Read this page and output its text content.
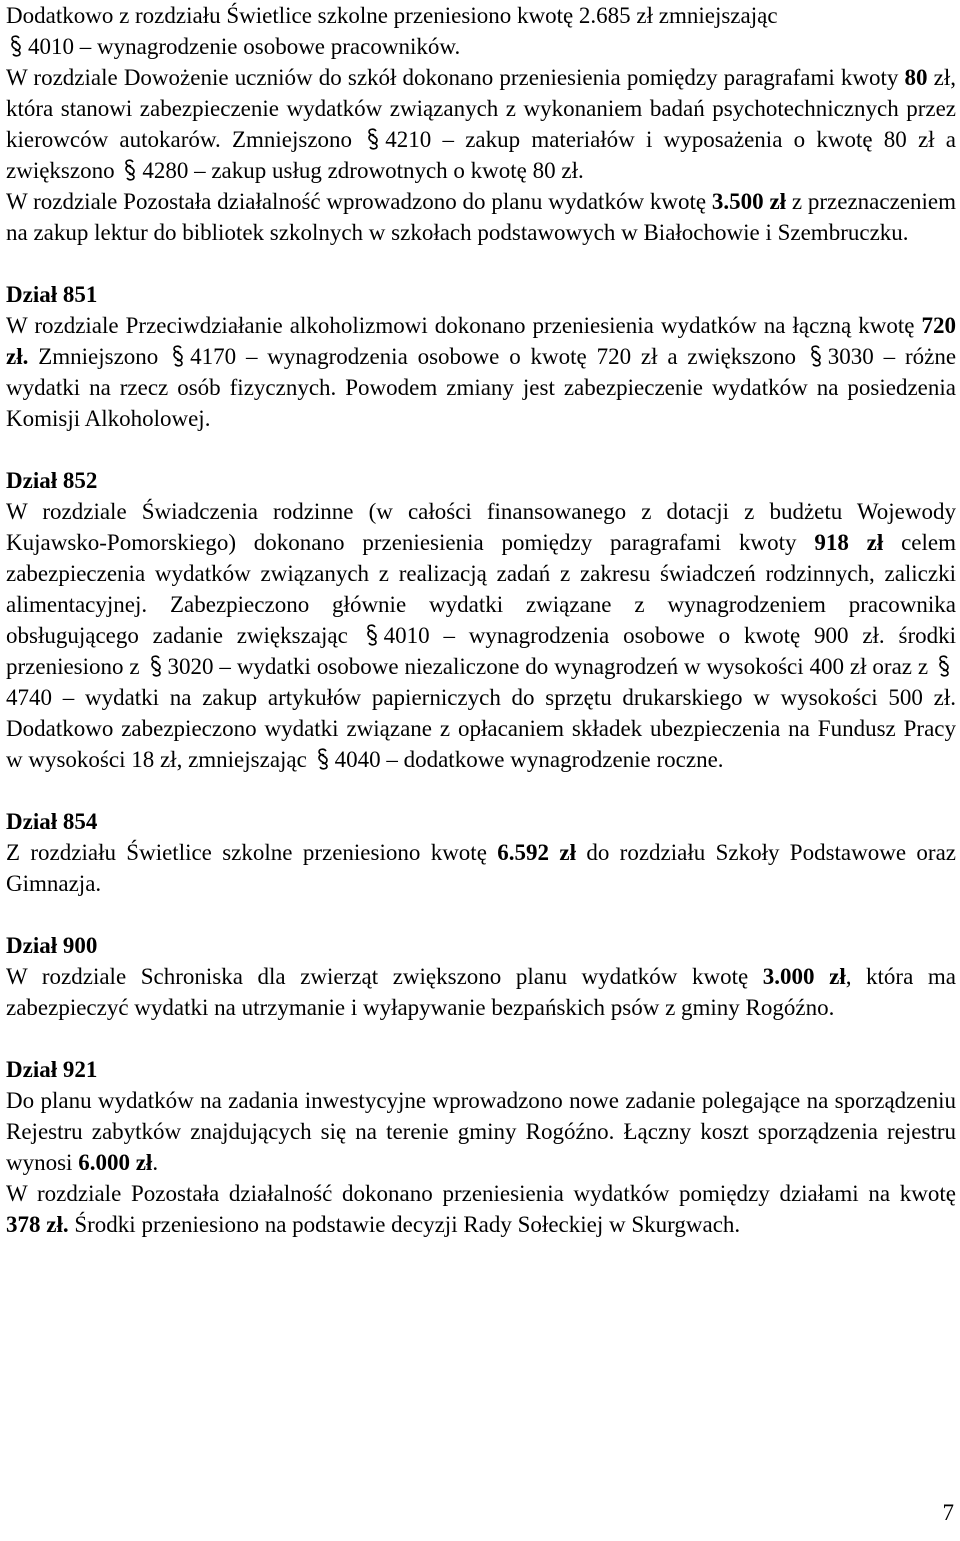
Dodatkowo z rozdziału Świetlice szkolne przeniesiono kwotę 2.685 zł zmniejszając
4010 – wynagrodzenie osobowe pracowników.

W rozdziale Dowożenie uczniów do szkół dokonano przeniesienia pomiędzy paragrafami kwoty 80 zł, która stanowi zabezpieczenie wydatków związanych z wykonaniem badań psychotechnicznych przez kierowców autokarów. Zmniejszono 4210 – zakup materiałów i wyposażenia o kwotę 80 zł a zwiększono 4280 – zakup usług zdrowotnych o kwotę 80 zł.

W rozdziale Pozostała działalność wprowadzono do planu wydatków kwotę 3.500 zł z przeznaczeniem na zakup lektur do bibliotek szkolnych w szkołach podstawowych w Białochowie i Szembruczku.

Dział 851

W rozdziale Przeciwdziałanie alkoholizmowi dokonano przeniesienia wydatków na łączną kwotę 720 zł. Zmniejszono 4170 – wynagrodzenia osobowe o kwotę 720 zł a zwiększono 3030 – różne wydatki na rzecz osób fizycznych. Powodem zmiany jest zabezpieczenie wydatków na posiedzenia Komisji Alkoholowej.

Dział 852

W rozdziale Świadczenia rodzinne (w całości finansowanego z dotacji z budżetu Wojewody Kujawsko-Pomorskiego) dokonano przeniesienia pomiędzy paragrafami kwoty 918 zł celem zabezpieczenia wydatków związanych z realizacją zadań z zakresu świadczeń rodzinnych, zaliczki alimentacyjnej. Zabezpieczono głównie wydatki związane z wynagrodzeniem pracownika obsługującego zadanie zwiększając 4010 – wynagrodzenia osobowe o kwotę 900 zł. środki przeniesiono z 3020 – wydatki osobowe niezaliczone do wynagrodzeń w wysokości 400 zł oraz z 4740 – wydatki na zakup artykułów papierniczych do sprzętu drukarskiego w wysokości 500 zł. Dodatkowo zabezpieczono wydatki związane z opłacaniem składek ubezpieczenia na Fundusz Pracy w wysokości 18 zł, zmniejszając 4040 – dodatkowe wynagrodzenie roczne.

Dział 854

Z rozdziału Świetlice szkolne przeniesiono kwotę 6.592 zł do rozdziału Szkoły Podstawowe oraz Gimnazja.

Dział 900

W rozdziale Schroniska dla zwierząt zwiększono planu wydatków kwotę 3.000 zł, która ma zabezpieczyć wydatki na utrzymanie i wyłapywanie bezpańskich psów z gminy Rogóźno.

Dział 921

Do planu wydatków na zadania inwestycyjne wprowadzono nowe zadanie polegające na sporządzeniu Rejestru zabytków znajdujących się na terenie gminy Rogóźno. Łączny koszt sporządzenia rejestru wynosi 6.000 zł.

W rozdziale Pozostała działalność dokonano przeniesienia wydatków pomiędzy działami na kwotę 378 zł. Środki przeniesiono na podstawie decyzji Rady Sołeckiej w Skurgwach.

7
